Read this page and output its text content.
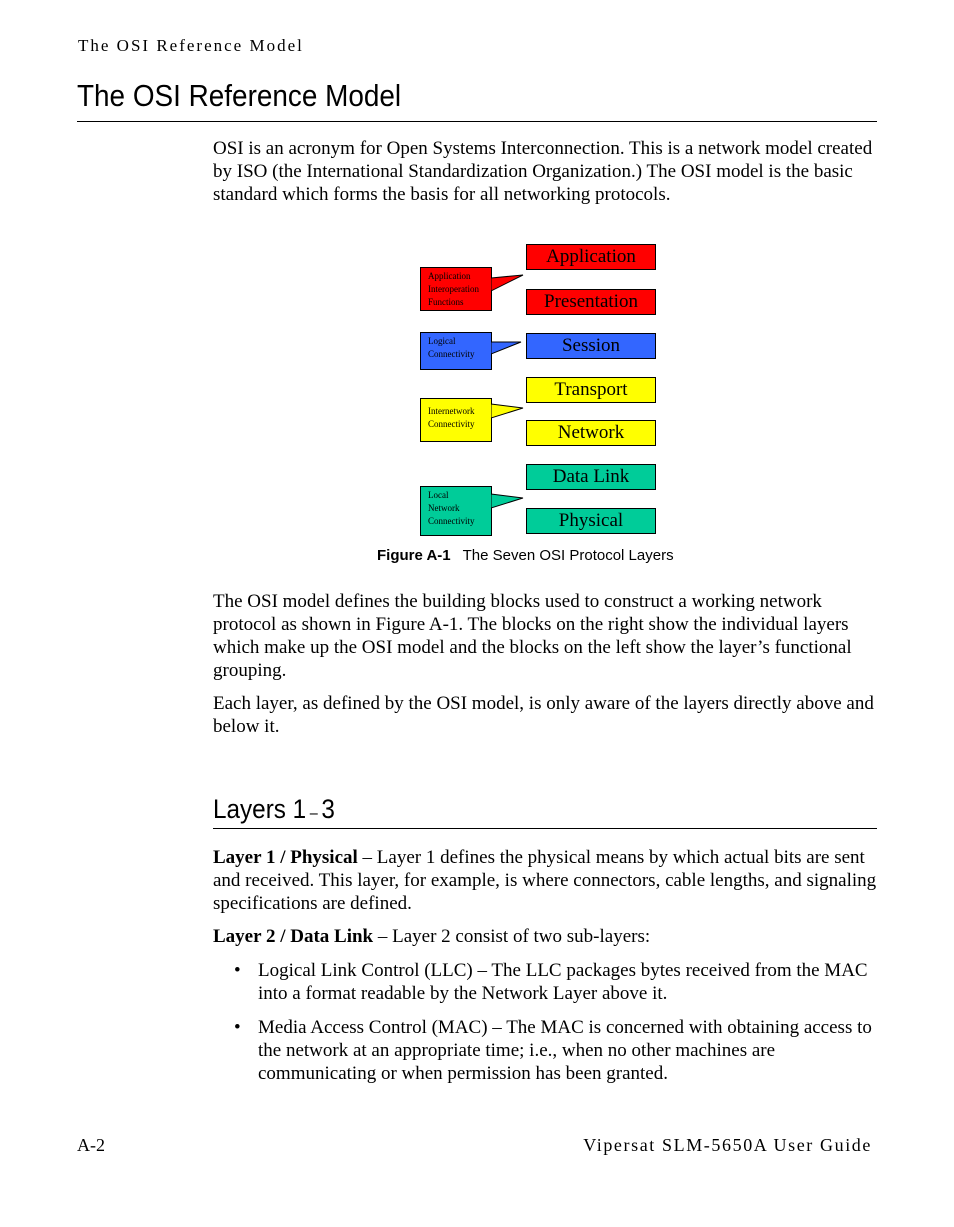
The OSI Reference Model
The OSI Reference Model

OSI is an acronym for Open Systems Interconnection. This is a network model created by ISO (the International Standardization Organization.) The OSI model is the basic standard which forms the basis for all networking protocols.

Application
Presentation
Session
Transport
Network
Data Link
Physical
Application
Interoperation
Functions
Logical
Connectivity
Internetwork
Connectivity
Local
Network
Connectivity
Figure A-1 The Seven OSI Protocol Layers

The OSI model defines the building blocks used to construct a working network protocol as shown in Figure A-1. The blocks on the right show the individual layers which make up the OSI model and the blocks on the left show the layer’s functional grouping.

Each layer, as defined by the OSI model, is only aware of the layers directly above and below it.

Layers 1 – 3

Layer 1 / Physical – Layer 1 defines the physical means by which actual bits are sent and received. This layer, for example, is where connectors, cable lengths, and signaling specifications are defined.

Layer 2 / Data Link – Layer 2 consist of two sub-layers:

• Logical Link Control (LLC) – The LLC packages bytes received from the MAC into a format readable by the Network Layer above it.
• Media Access Control (MAC) – The MAC is concerned with obtaining access to the network at an appropriate time; i.e., when no other machines are communicating or when permission has been granted.
A-2	Vipersat SLM-5650A User Guide
